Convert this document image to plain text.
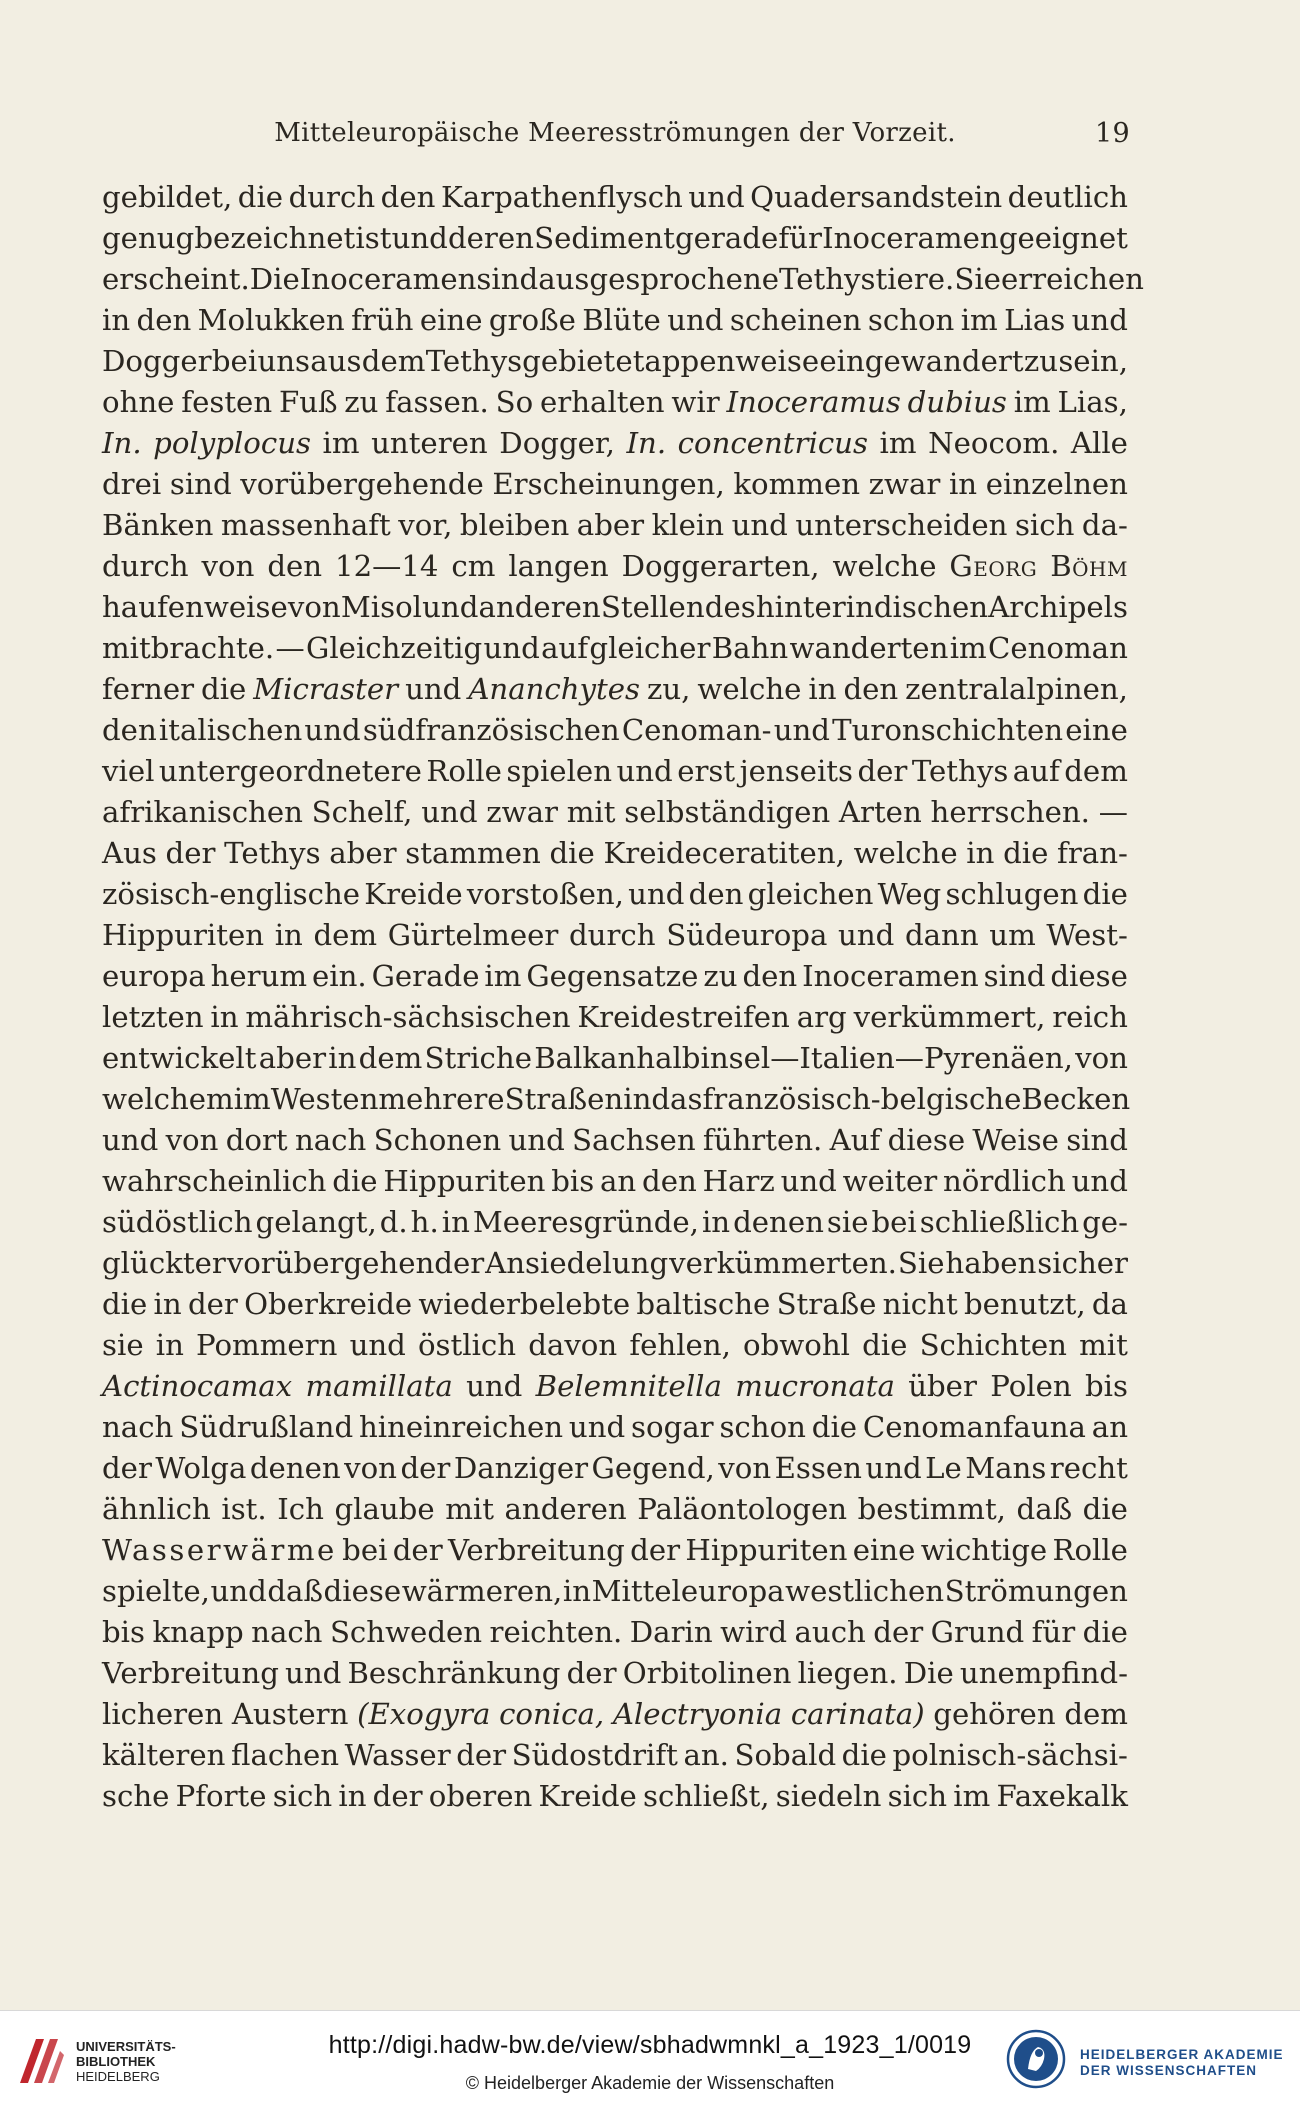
Mitteleuropäische Meeresströmungen der Vorzeit.	19
gebildet, die durch den Karpathenflysch und Quadersandstein deutlich
genug bezeichnet ist und deren Sediment gerade für Inoceramen geeignet
erscheint. Die Inoceramen sind ausgesprochene Tethystiere. Sie erreichen
in den Molukken früh eine große Blüte und scheinen schon im Lias und
Dogger bei uns aus dem Tethysgebiet etappenweise eingewandert zu sein,
ohne festen Fuß zu fassen. So erhalten wir Inoceramus dubius im Lias,
In. polyplocus im unteren Dogger, In. concentricus im Neocom. Alle
drei sind vorübergehende Erscheinungen, kommen zwar in einzelnen
Bänken massenhaft vor, bleiben aber klein und unterscheiden sich da-
durch von den 12—14 cm langen Doggerarten, welche Georg Böhm
haufenweise von Misol und anderen Stellen des hinterindischen Archipels
mitbrachte. — Gleichzeitig und auf gleicher Bahn wanderten im Cenoman
ferner die Micraster und Ananchytes zu, welche in den zentralalpinen,
den italischen und südfranzösischen Cenoman- und Turonschichten eine
viel untergeordnetere Rolle spielen und erst jenseits der Tethys auf dem
afrikanischen Schelf, und zwar mit selbständigen Arten herrschen. —
Aus der Tethys aber stammen die Kreideceratiten, welche in die fran-
zösisch-englische Kreide vorstoßen, und den gleichen Weg schlugen die
Hippuriten in dem Gürtelmeer durch Südeuropa und dann um West-
europa herum ein. Gerade im Gegensatze zu den Inoceramen sind diese
letzten in mährisch-sächsischen Kreidestreifen arg verkümmert, reich
entwickelt aber in dem Striche Balkanhalbinsel—Italien—Pyrenäen, von
welchem im Westen mehrere Straßen in das französisch-belgische Becken
und von dort nach Schonen und Sachsen führten. Auf diese Weise sind
wahrscheinlich die Hippuriten bis an den Harz und weiter nördlich und
südöstlich gelangt, d. h. in Meeresgründe, in denen sie bei schließlich ge-
glückter vorübergehender Ansiedelung verkümmerten. Sie haben sicher
die in der Oberkreide wiederbelebte baltische Straße nicht benutzt, da
sie in Pommern und östlich davon fehlen, obwohl die Schichten mit
Actinocamax mamillata und Belemnitella mucronata über Polen bis
nach Südrußland hineinreichen und sogar schon die Cenomanfauna an
der Wolga denen von der Danziger Gegend, von Essen und Le Mans recht
ähnlich ist. Ich glaube mit anderen Paläontologen bestimmt, daß die
Wasserwärme bei der Verbreitung der Hippuriten eine wichtige Rolle
spielte, und daß diese wärmeren, in Mitteleuropa westlichen Strömungen
bis knapp nach Schweden reichten. Darin wird auch der Grund für die
Verbreitung und Beschränkung der Orbitolinen liegen. Die unempfind-
licheren Austern (Exogyra conica, Alectryonia carinata) gehören dem
kälteren flachen Wasser der Südostdrift an. Sobald die polnisch-sächsi-
sche Pforte sich in der oberen Kreide schließt, siedeln sich im Faxekalk
UNIVERSITÄTS-
BIBLIOTHEK
HEIDELBERG
http://digi.hadw-bw.de/view/sbhadwmnkl_a_1923_1/0019
© Heidelberger Akademie der Wissenschaften
HEIDELBERGER AKADEMIE
DER WISSENSCHAFTEN
